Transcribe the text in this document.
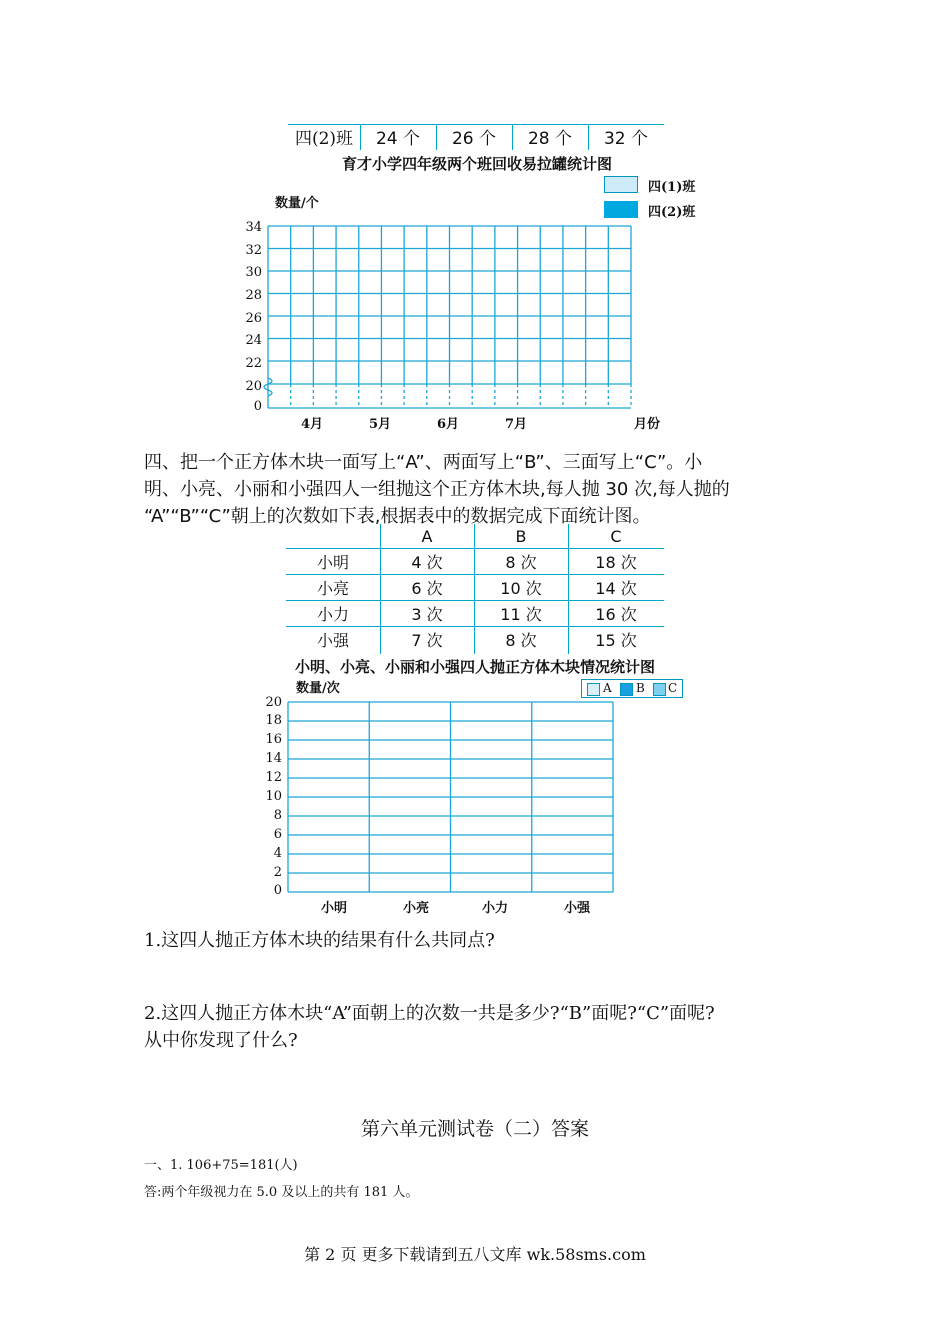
四(2)班	24 个	26 个	28 个	32 个
育才小学四年级两个班回收易拉罐统计图
数量/个
四(1)班
四(2)班
34
32
30
28
26
24
22
20
0
4月	5月	6月	7月	月份
四、把一个正方体木块一面写上“A”、两面写上“B”、三面写上“C”。小
明、小亮、小丽和小强四人一组抛这个正方体木块,每人抛 30 次,每人抛的
“A”“B”“C”朝上的次数如下表,根据表中的数据完成下面统计图。
A	B	C
小明	4 次	8 次	18 次
小亮	6 次	10 次	14 次
小力	3 次	11 次	16 次
小强	7 次	8 次	15 次
小明、小亮、小丽和小强四人抛正方体木块情况统计图
数量/次	A B C
20
18
16
14
12
10
8
6
4
2
0
小明	小亮	小力	小强
1.这四人抛正方体木块的结果有什么共同点?
2.这四人抛正方体木块“A”面朝上的次数一共是多少?“B”面呢?“C”面呢?
从中你发现了什么?
第六单元测试卷（二）答案
一、1. 106+75=181(人)
答:两个年级视力在 5.0 及以上的共有 181 人。
第 2 页 更多下载请到五八文库 wk.58sms.com
